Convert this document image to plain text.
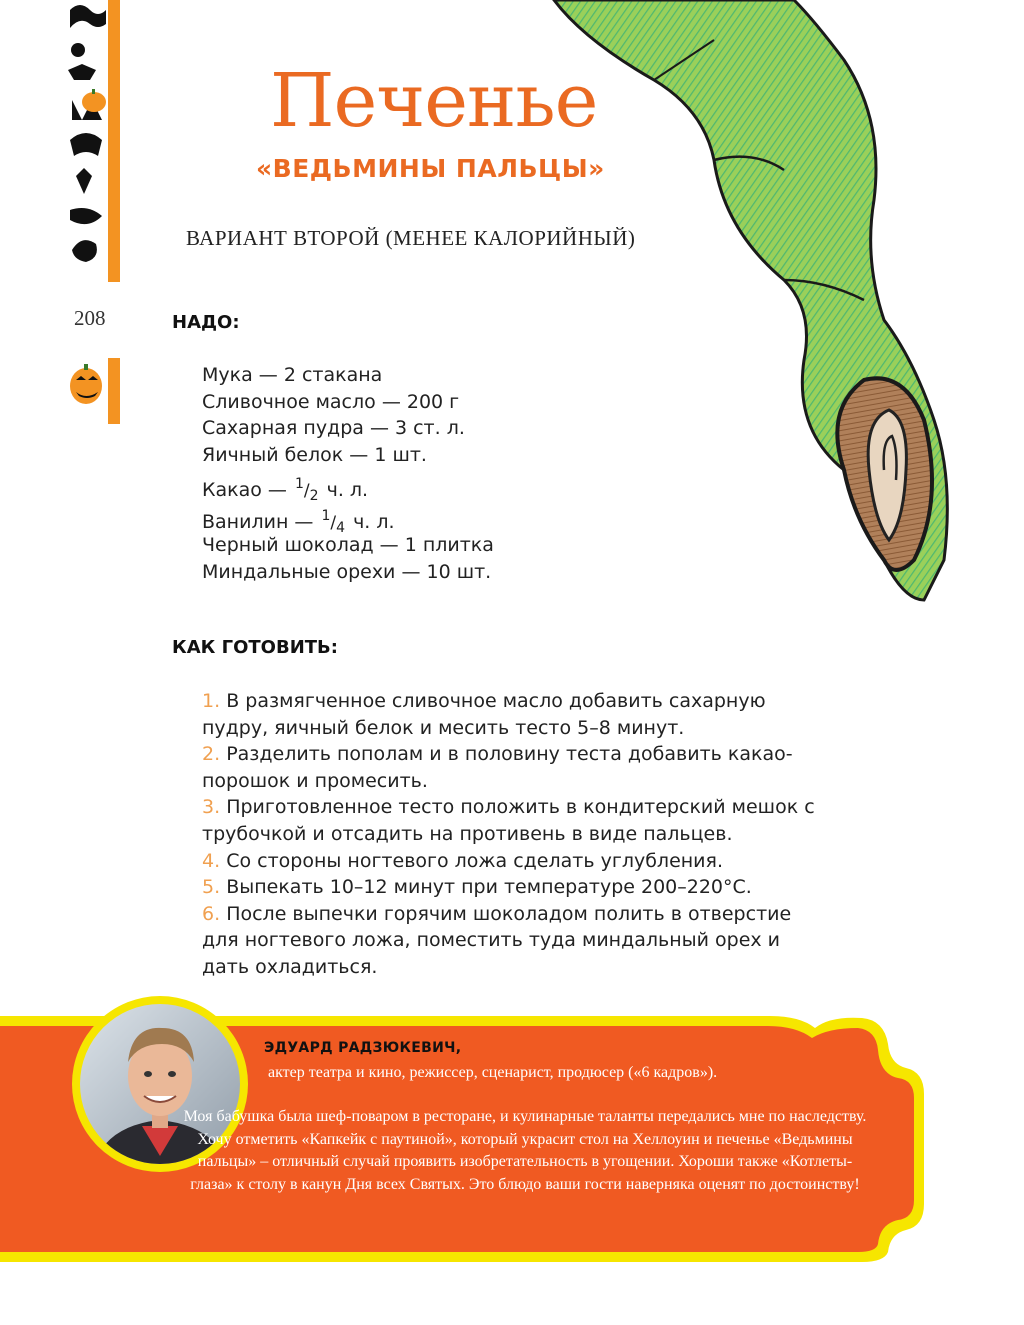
208
Печенье
«ВЕДЬМИНЫ ПАЛЬЦЫ»
ВАРИАНТ ВТОРОЙ (МЕНЕЕ КАЛОРИЙНЫЙ)
НАДО:
Мука — 2 стакана
Сливочное масло — 200 г
Сахарная пудра — 3 ст. л.
Яичный белок — 1 шт.
Какао — $^1/_2$ ч. л.
Ванилин — $^1/_4$ ч. л.
Черный шоколад — 1 плитка
Миндальные орехи — 10 шт.
КАК ГОТОВИТЬ:
1. В размягченное сливочное масло добавить сахарную пудру, яичный белок и месить тесто 5–8 минут.
2. Разделить пополам и в половину теста добавить какао-порошок и промесить.
3. Приготовленное тесто положить в кондитерский мешок с трубочкой и отсадить на противень в виде пальцев.
4. Со стороны ногтевого ложа сделать углубления.
5. Выпекать 10–12 минут при температуре 200–220°С.
6. После выпечки горячим шоколадом полить в отверстие для ногтевого ложа, поместить туда миндальный орех и дать охладиться.
ЭДУАРД РАДЗЮКЕВИЧ,
актер театра и кино, режиссер, сценарист, продюсер («6 кадров»).
Моя бабушка была шеф-поваром в ресторане, и кулинарные таланты передались мне по наследству. Хочу отметить «Капкейк с паутиной», который украсит стол на Хеллоуин и печенье «Ведьмины пальцы» – отличный случай проявить изобретательность в угощении. Хороши также «Котлеты-глаза» к столу в канун Дня всех Святых. Это блюдо ваши гости наверняка оценят по достоинству!
